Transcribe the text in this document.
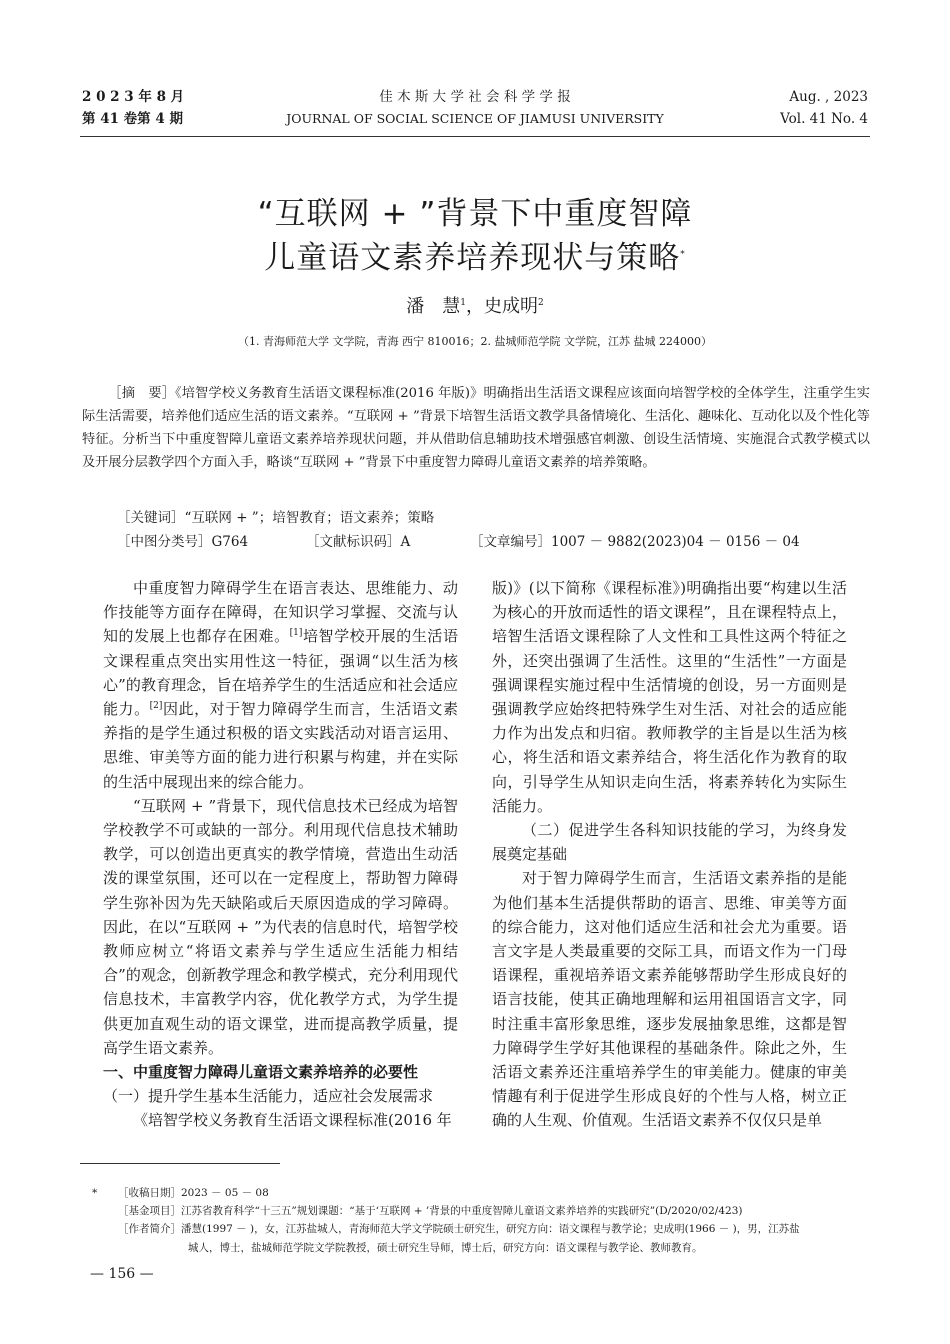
2 0 2 3 年 8 月
第 41 卷第 4 期
佳 木 斯 大 学 社 会 科 学 学 报
JOURNAL OF SOCIAL SCIENCE OF JIAMUSI UNIVERSITY
Aug. , 2023
Vol. 41 No. 4
“互联网 + ”背景下中重度智障
儿童语文素养培养现状与策略*
潘　慧$^1$，史成明$^2$
（1. 青海师范大学 文学院，青海 西宁 810016；2. 盐城师范学院 文学院，江苏 盐城 224000）
［摘　要］《培智学校义务教育生活语文课程标准(2016 年版)》明确指出生活语文课程应该面向培智学校的全体学生，注重学生实际生活需要，培养他们适应生活的语文素养。“互联网 + ”背景下培智生活语文教学具备情境化、生活化、趣味化、互动化以及个性化等特征。分析当下中重度智障儿童语文素养培养现状问题，并从借助信息辅助技术增强感官刺激、创设生活情境、实施混合式教学模式以及开展分层教学四个方面入手，略谈“互联网 + ”背景下中重度智力障碍儿童语文素养的培养策略。
［关键词］“互联网 + ”；培智教育；语文素养；策略
［中图分类号］G764	［文献标识码］A	［文章编号］1007 － 9882(2023)04 － 0156 － 04

中重度智力障碍学生在语言表达、思维能力、动作技能等方面存在障碍，在知识学习掌握、交流与认知的发展上也都存在困难。[1]培智学校开展的生活语文课程重点突出实用性这一特征，强调“以生活为核心”的教育理念，旨在培养学生的生活适应和社会适应能力。[2]因此，对于智力障碍学生而言，生活语文素养指的是学生通过积极的语文实践活动对语言运用、思维、审美等方面的能力进行积累与构建，并在实际的生活中展现出来的综合能力。

“互联网 + ”背景下，现代信息技术已经成为培智学校教学不可或缺的一部分。利用现代信息技术辅助教学，可以创造出更真实的教学情境，营造出生动活泼的课堂氛围，还可以在一定程度上，帮助智力障碍学生弥补因为先天缺陷或后天原因造成的学习障碍。因此，在以“互联网 + ”为代表的信息时代，培智学校教师应树立“将语文素养与学生适应生活能力相结合”的观念，创新教学理念和教学模式，充分利用现代信息技术，丰富教学内容，优化教学方式，为学生提供更加直观生动的语文课堂，进而提高教学质量，提高学生语文素养。

一、中重度智力障碍儿童语文素养培养的必要性

（一）提升学生基本生活能力，适应社会发展需求

《培智学校义务教育生活语文课程标准(2016 年

版)》(以下简称《课程标准》)明确指出要“构建以生活为核心的开放而适性的语文课程”，且在课程特点上，培智生活语文课程除了人文性和工具性这两个特征之外，还突出强调了生活性。这里的“生活性”一方面是强调课程实施过程中生活情境的创设，另一方面则是强调教学应始终把特殊学生对生活、对社会的适应能力作为出发点和归宿。教师教学的主旨是以生活为核心，将生活和语文素养结合，将生活化作为教育的取向，引导学生从知识走向生活，将素养转化为实际生活能力。

（二）促进学生各科知识技能的学习，为终身发展奠定基础

对于智力障碍学生而言，生活语文素养指的是能为他们基本生活提供帮助的语言、思维、审美等方面的综合能力，这对他们适应生活和社会尤为重要。语言文字是人类最重要的交际工具，而语文作为一门母语课程，重视培养语文素养能够帮助学生形成良好的语言技能，使其正确地理解和运用祖国语言文字，同时注重丰富形象思维，逐步发展抽象思维，这都是智力障碍学生学好其他课程的基础条件。除此之外，生活语文素养还注重培养学生的审美能力。健康的审美情趣有利于促进学生形成良好的个性与人格，树立正确的人生观、价值观。生活语文素养不仅仅只是单

* ［收稿日期］2023 － 05 － 08
［基金项目］江苏省教育科学“十三五”规划课题：“基于‘互联网 + ’背景的中重度智障儿童语文素养培养的实践研究”(D/2020/02/423)
［作者简介］潘慧(1997 － )，女，江苏盐城人，青海师范大学文学院硕士研究生，研究方向：语文课程与教学论；史成明(1966 － )，男，江苏盐
城人，博士，盐城师范学院文学院教授，硕士研究生导师，博士后，研究方向：语文课程与教学论、教师教育。
— 156 —
